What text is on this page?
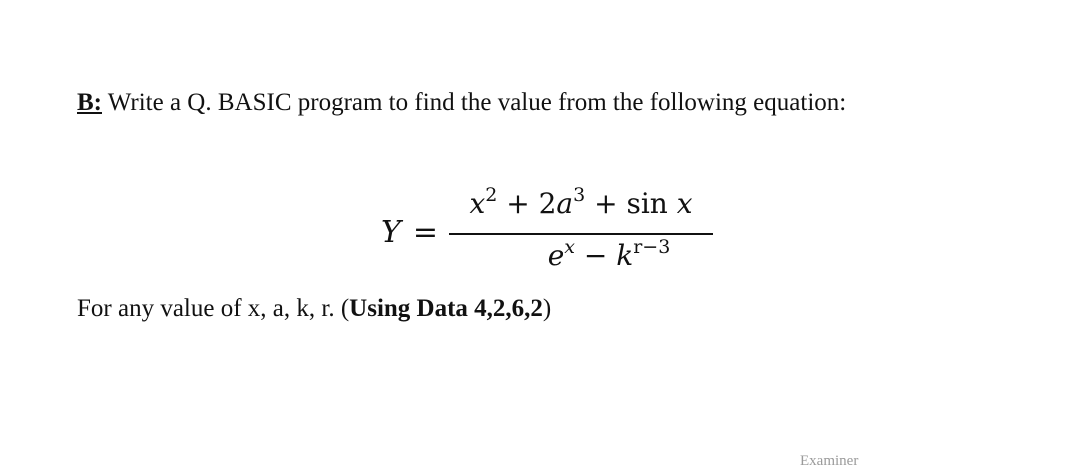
B: Write a Q. BASIC program to find the value from the following equation:
Y =
$x^2 + 2a^3 + \sin x$
$e^x - k^{r-3}$
For any value of x, a, k, r. (Using Data 4,2,6,2)
Examiner
